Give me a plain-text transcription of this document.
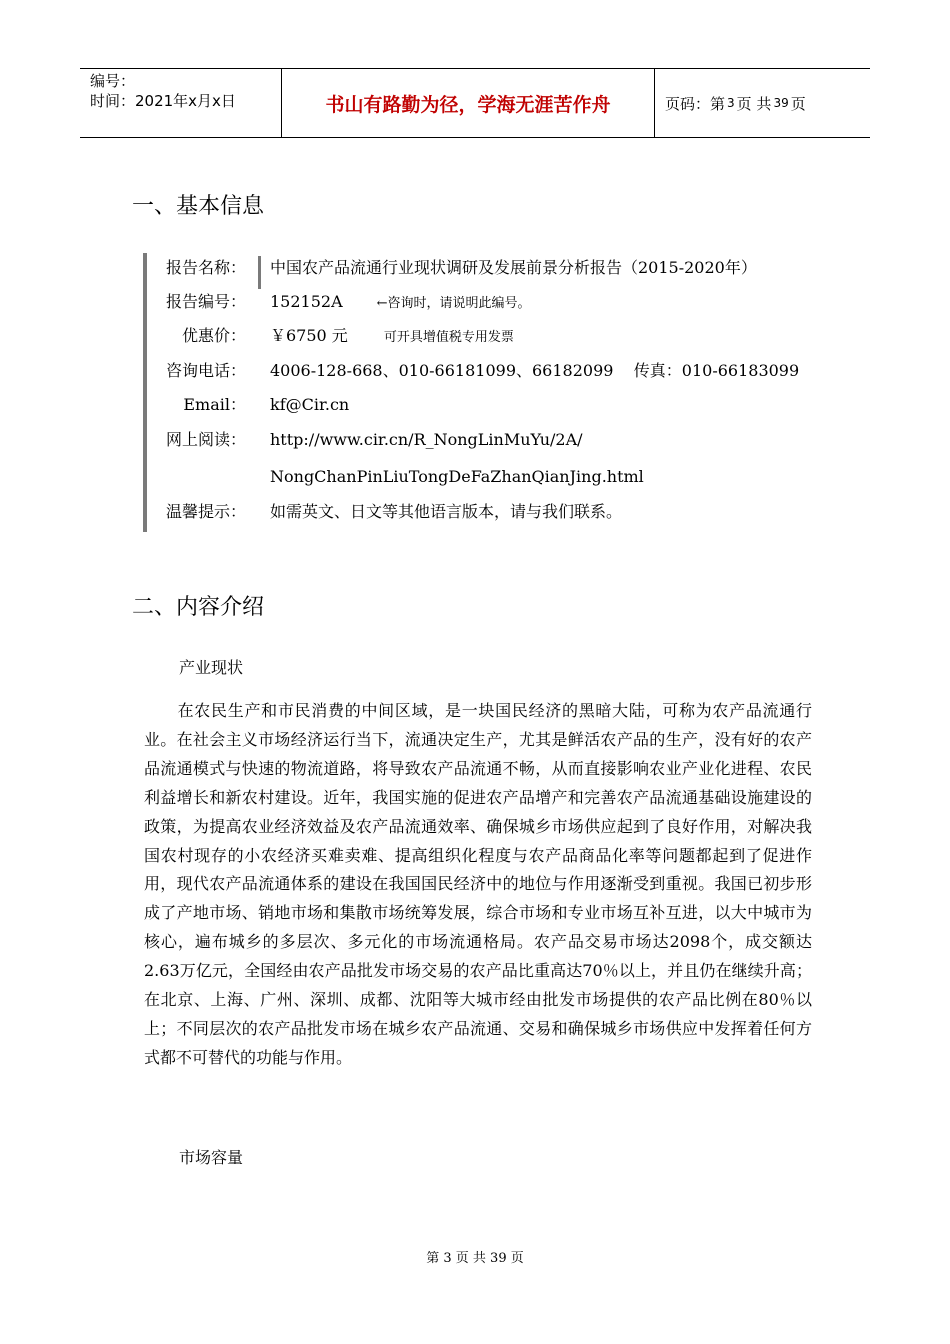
编号：
时间：2021年x月x日	书山有路勤为径，学海无涯苦作舟	页码：第 3 页 共 39 页
一、基本信息
报告名称： 中国农产品流通行业现状调研及发展前景分析报告（2015-2020年）
报告编号： 152152A	←咨询时，请说明此编号。
优惠价： ￥6750 元	可开具增值税专用发票
咨询电话： 4006-128-668、010-66181099、66182099    传真：010-66183099
Email： kf@Cir.cn
网上阅读： http://www.cir.cn/R_NongLinMuYu/2A/
NongChanPinLiuTongDeFaZhanQianJing.html
温馨提示： 如需英文、日文等其他语言版本，请与我们联系。
二、内容介绍

产业现状

在农民生产和市民消费的中间区域，是一块国民经济的黑暗大陆，可称为农产品流通行业。在社会主义市场经济运行当下，流通决定生产，尤其是鲜活农产品的生产，没有好的农产品流通模式与快速的物流道路，将导致农产品流通不畅，从而直接影响农业产业化进程、农民利益增长和新农村建设。近年，我国实施的促进农产品增产和完善农产品流通基础设施建设的政策，为提高农业经济效益及农产品流通效率、确保城乡市场供应起到了良好作用，对解决我国农村现存的小农经济买难卖难、提高组织化程度与农产品商品化率等问题都起到了促进作用，现代农产品流通体系的建设在我国国民经济中的地位与作用逐渐受到重视。我国已初步形成了产地市场、销地市场和集散市场统筹发展，综合市场和专业市场互补互进，以大中城市为核心，遍布城乡的多层次、多元化的市场流通格局。农产品交易市场达2098个，成交额达2.63万亿元，全国经由农产品批发市场交易的农产品比重高达70％以上，并且仍在继续升高；在北京、上海、广州、深圳、成都、沈阳等大城市经由批发市场提供的农产品比例在80％以上；不同层次的农产品批发市场在城乡农产品流通、交易和确保城乡市场供应中发挥着任何方式都不可替代的功能与作用。

市场容量

第 3 页 共 39 页
